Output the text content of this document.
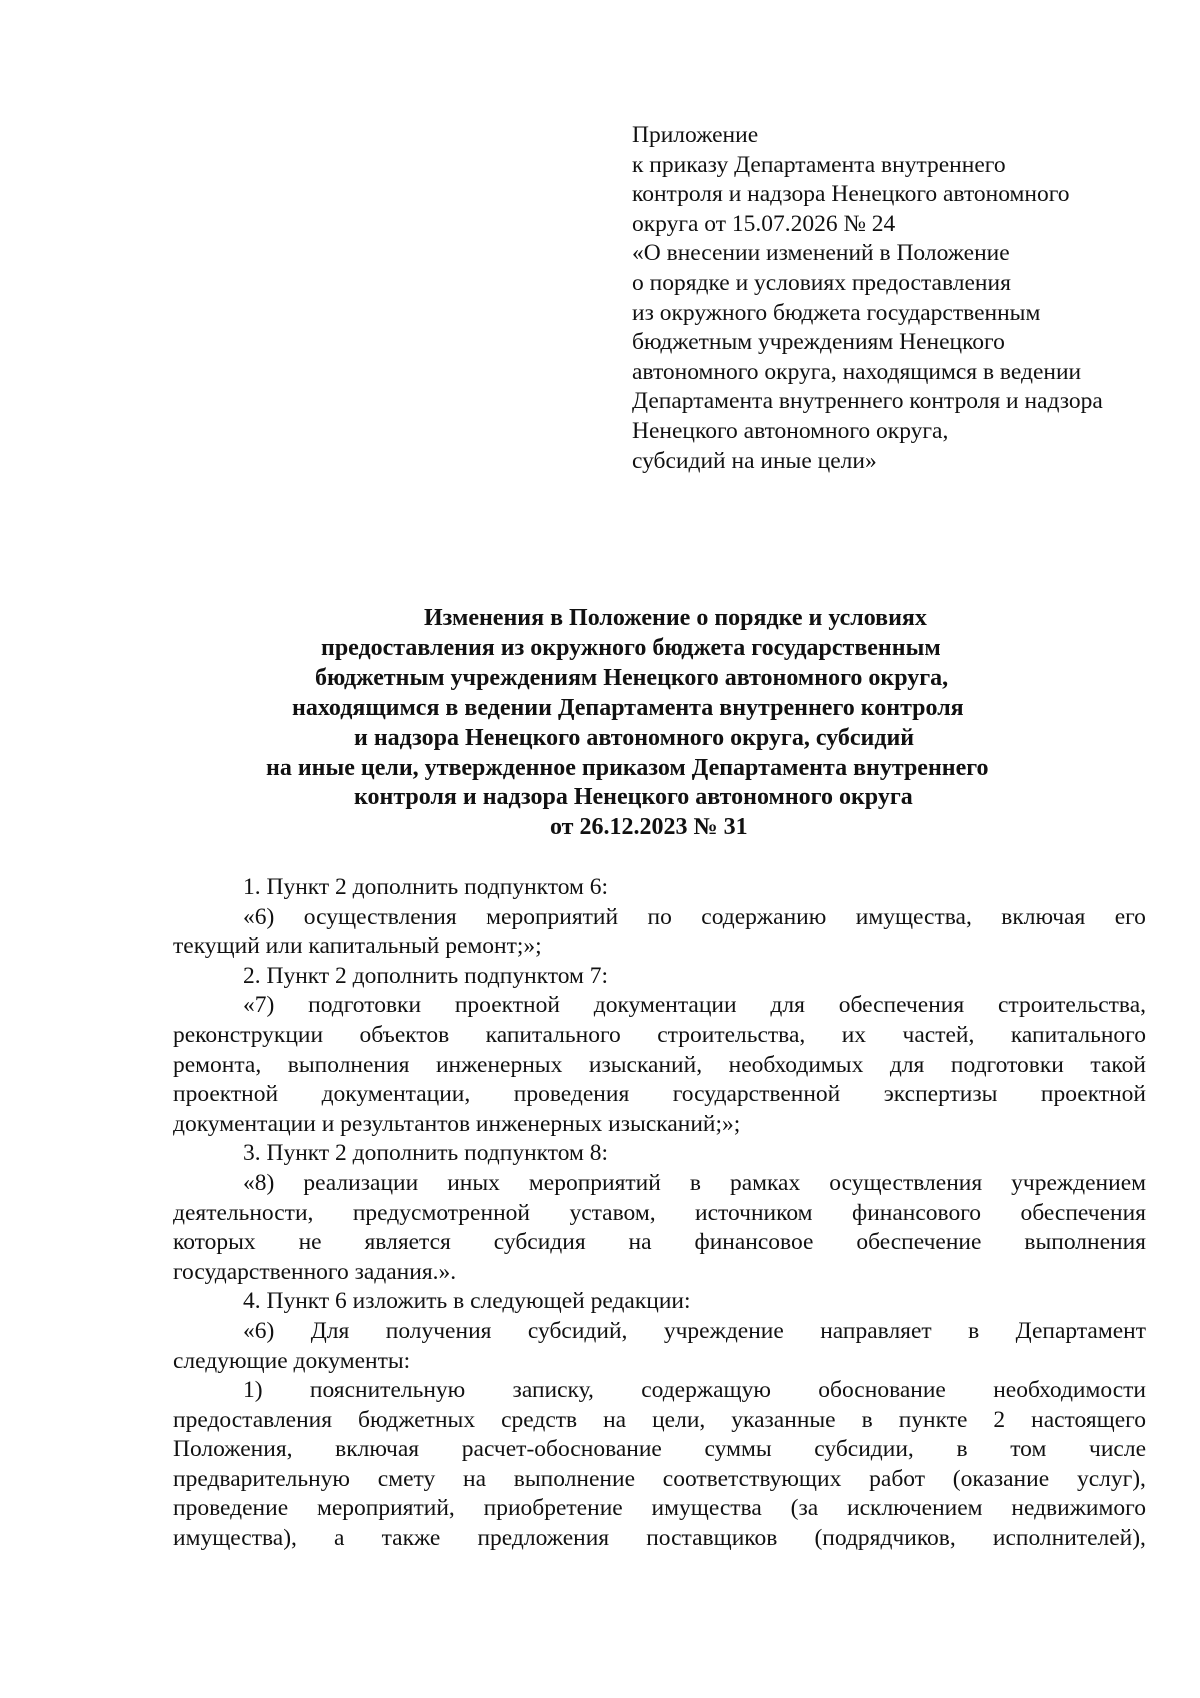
Приложение
к приказу Департамента внутреннего
контроля и надзора Ненецкого автономного
округа от 15.07.2026 № 24
«О внесении изменений в Положение
о порядке и условиях предоставления
из окружного бюджета государственным
бюджетным учреждениям Ненецкого
автономного округа, находящимся в ведении
Департамента внутреннего контроля и надзора
Ненецкого автономного округа,
субсидий на иные цели»
Изменения в Положение о порядке и условиях
предоставления из окружного бюджета государственным
бюджетным учреждениям Ненецкого автономного округа,
находящимся в ведении Департамента внутреннего контроля
и надзора Ненецкого автономного округа, субсидий
на иные цели, утвержденное приказом Департамента внутреннего
контроля и надзора Ненецкого автономного округа
от 26.12.2023 № 31
1. Пункт 2 дополнить подпунктом 6:
«6) осуществления мероприятий по содержанию имущества, включая его
текущий или капитальный ремонт;»;
2. Пункт 2 дополнить подпунктом 7:
«7) подготовки проектной документации для обеспечения строительства,
реконструкции объектов капитального строительства, их частей, капитального
ремонта, выполнения инженерных изысканий, необходимых для подготовки такой
проектной документации, проведения государственной экспертизы проектной
документации и результантов инженерных изысканий;»;
3. Пункт 2 дополнить подпунктом 8:
«8) реализации иных мероприятий в рамках осуществления учреждением
деятельности, предусмотренной уставом, источником финансового обеспечения
которых не является субсидия на финансовое обеспечение выполнения
государственного задания.».
4. Пункт 6 изложить в следующей редакции:
«6) Для получения субсидий, учреждение направляет в Департамент
следующие документы:
1) пояснительную записку, содержащую обоснование необходимости
предоставления бюджетных средств на цели, указанные в пункте 2 настоящего
Положения, включая расчет-обоснование суммы субсидии, в том числе
предварительную смету на выполнение соответствующих работ (оказание услуг),
проведение мероприятий, приобретение имущества (за исключением недвижимого
имущества), а также предложения поставщиков (подрядчиков, исполнителей),
